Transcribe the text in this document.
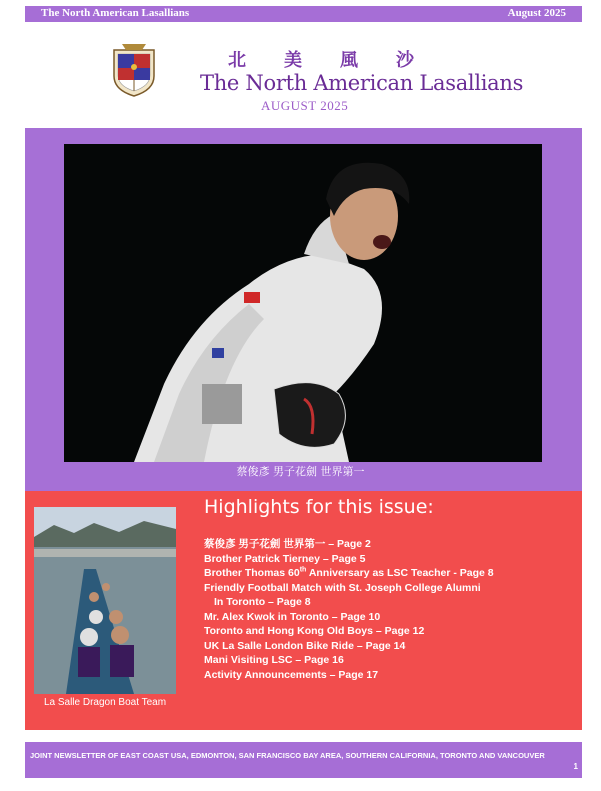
The North American Lasallians	August 2025
北 美 風 沙
The North American Lasallians
AUGUST 2025
蔡俊彥 男子花劍 世界第一
La Salle Dragon Boat Team
Highlights for this issue:
蔡俊彥 男子花劍 世界第一 – Page 2
Brother Patrick Tierney – Page 5
Brother Thomas 60th Anniversary as LSC Teacher - Page 8
Friendly Football Match with St. Joseph College Alumni
In Toronto – Page 8
Mr. Alex Kwok in Toronto – Page 10
Toronto and Hong Kong Old Boys – Page 12
UK La Salle London Bike Ride – Page 14
Mani Visiting LSC – Page 16
Activity Announcements – Page 17
JOINT NEWSLETTER OF EAST COAST USA, EDMONTON, SAN FRANCISCO BAY AREA, SOUTHERN CALIFORNIA, TORONTO AND VANCOUVER
1
